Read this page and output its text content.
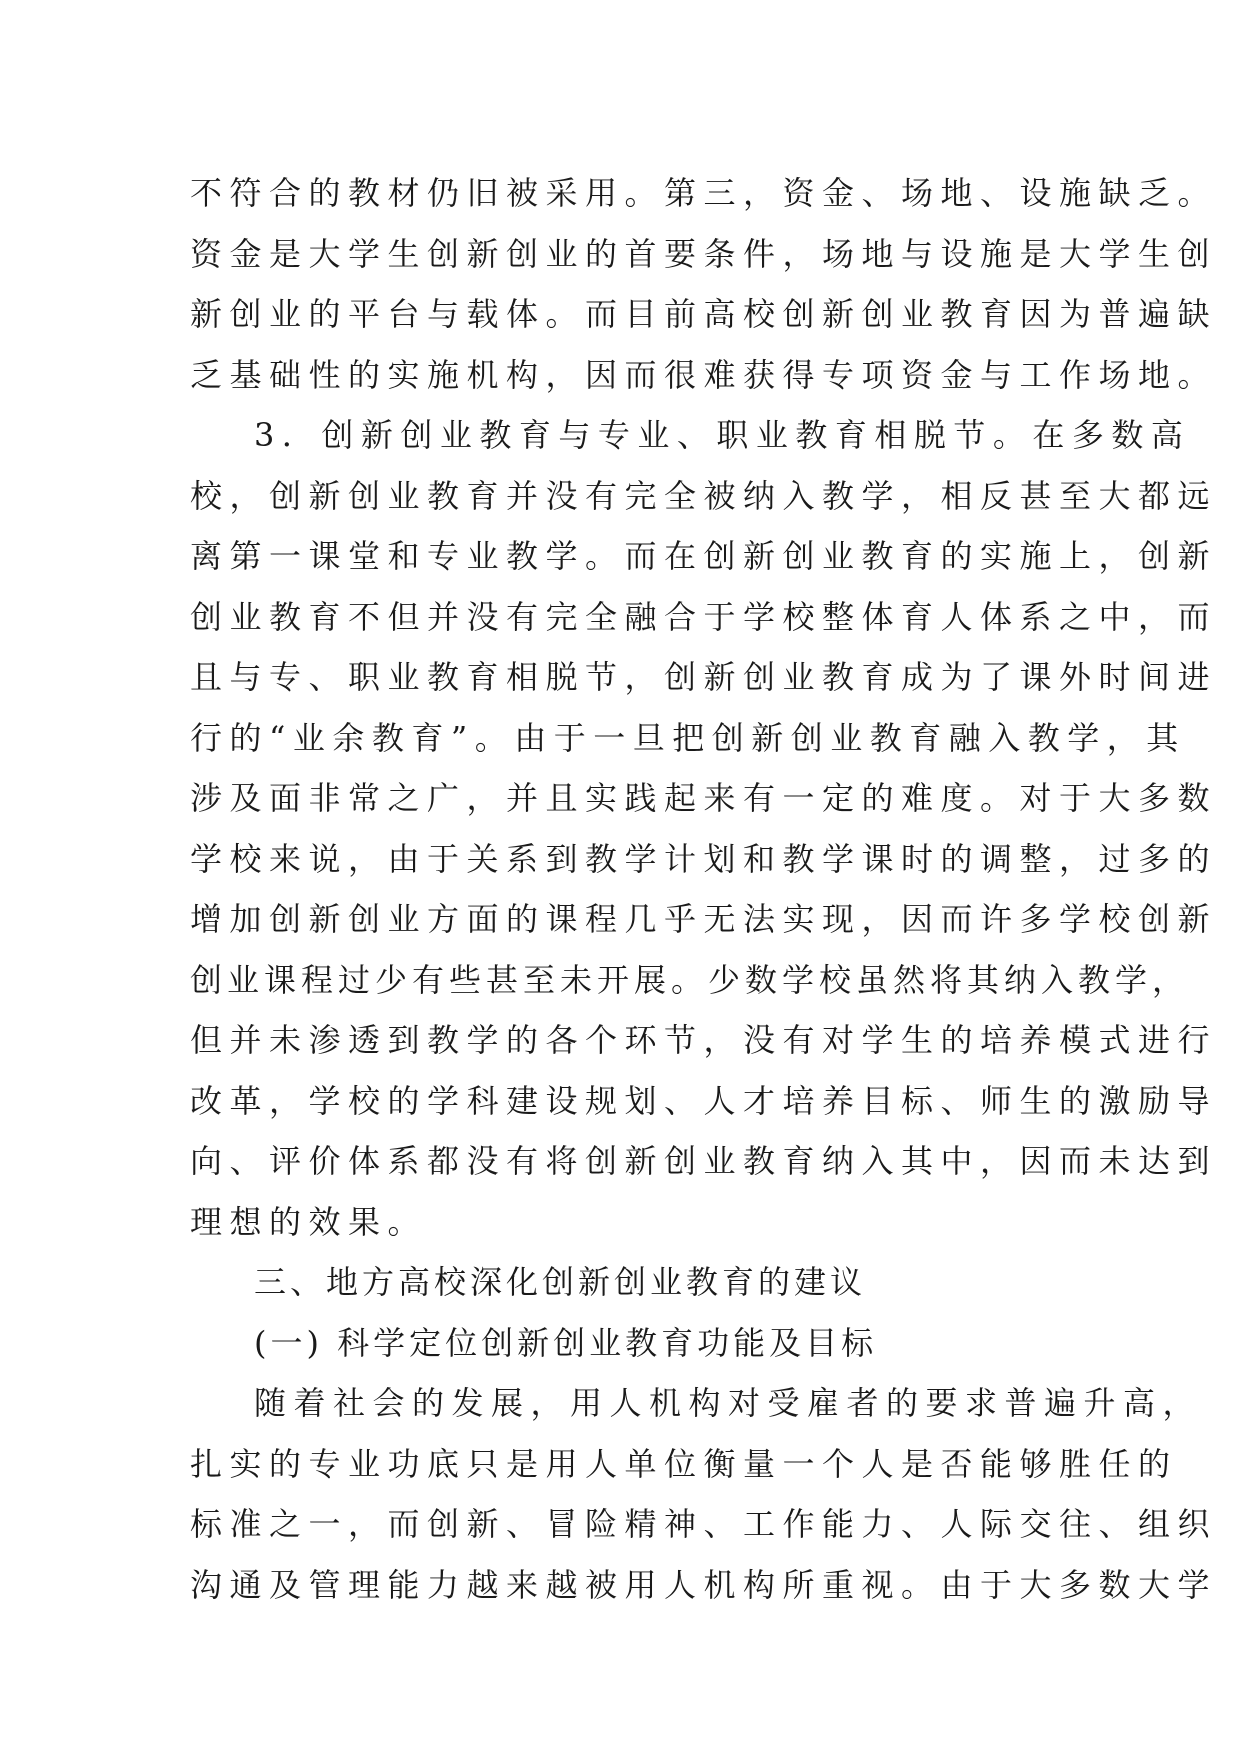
不符合的教材仍旧被采用。第三，资金、场地、设施缺乏。
资金是大学生创新创业的首要条件，场地与设施是大学生创
新创业的平台与载体。而目前高校创新创业教育因为普遍缺
乏基础性的实施机构，因而很难获得专项资金与工作场地。
3．创新创业教育与专业、职业教育相脱节。在多数高
校，创新创业教育并没有完全被纳入教学，相反甚至大都远
离第一课堂和专业教学。而在创新创业教育的实施上，创新
创业教育不但并没有完全融合于学校整体育人体系之中，而
且与专、职业教育相脱节，创新创业教育成为了课外时间进
行的“业余教育”。由于一旦把创新创业教育融入教学，其
涉及面非常之广，并且实践起来有一定的难度。对于大多数
学校来说，由于关系到教学计划和教学课时的调整，过多的
增加创新创业方面的课程几乎无法实现，因而许多学校创新
创业课程过少有些甚至未开展。少数学校虽然将其纳入教学，
但并未渗透到教学的各个环节，没有对学生的培养模式进行
改革，学校的学科建设规划、人才培养目标、师生的激励导
向、评价体系都没有将创新创业教育纳入其中，因而未达到
理想的效果。
三、地方高校深化创新创业教育的建议
(一) 科学定位创新创业教育功能及目标
随着社会的发展，用人机构对受雇者的要求普遍升高，
扎实的专业功底只是用人单位衡量一个人是否能够胜任的
标准之一，而创新、冒险精神、工作能力、人际交往、组织
沟通及管理能力越来越被用人机构所重视。由于大多数大学
